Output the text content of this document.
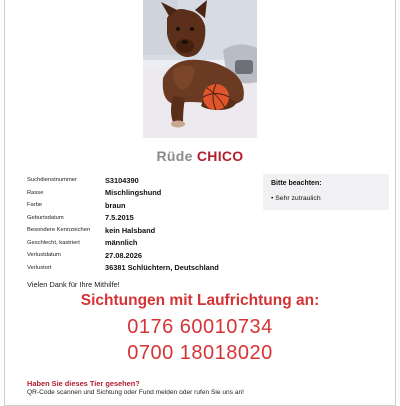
Rüde CHICO
Suchdienstnummer	S3104390
Rasse	Mischlingshund
Farbe	braun
Geburtsdatum	7.5.2015
Besondere Kennzeichen	kein Halsband
Geschlecht, kastriert	männlich
Verlustdatum	27.08.2026
Verlustort	36381 Schlüchtern, Deutschland
Bitte beachten:
• Sehr zutraulich
Vielen Dank für Ihre Mithilfe!
Sichtungen mit Laufrichtung an:
0176 60010734
0700 18018020
Haben Sie dieses Tier gesehen?
QR-Code scannen und Sichtung oder Fund melden oder rufen Sie uns an!
